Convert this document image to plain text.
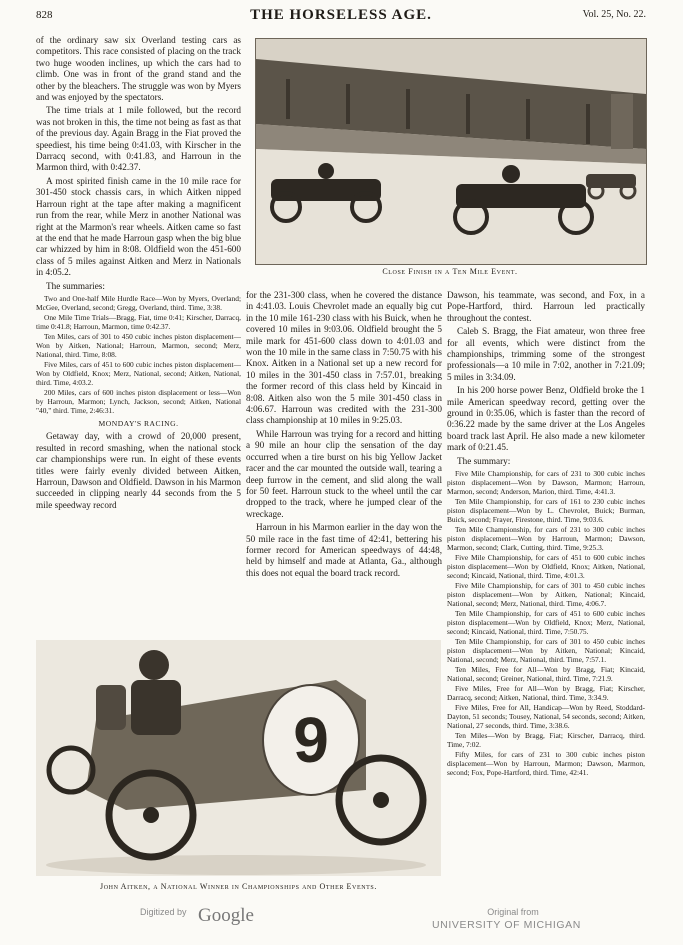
828	THE HORSELESS AGE.	Vol. 25, No. 22.

of the ordinary saw six Overland testing cars as competitors. This race consisted of placing on the track two huge wooden inclines, up which the cars had to climb. One was in front of the grand stand and the other by the bleachers. The struggle was won by Myers and was enjoyed by the spectators.

The time trials at 1 mile followed, but the record was not broken in this, the time not being as fast as that of the previous day. Again Bragg in the Fiat proved the speediest, his time being 0:41.03, with Kirscher in the Darracq second, with 0:41.83, and Harroun in the Marmon third, with 0:42.37.

A most spirited finish came in the 10 mile race for 301-450 stock chassis cars, in which Aitken nipped Harroun right at the tape after making a magnificent run from the rear, while Merz in another National was right at the Marmon's rear wheels. Aitken came so fast at the end that he made Harroun gasp when the big blue car whizzed by him in 8:08. Oldfield won the 451-600 class of 5 miles against Aitken and Merz in Nationals in 4:05.2.

The summaries:

Two and One-half Mile Hurdle Race—Won by Myers, Overland; McGee, Overland, second; Gregg, Overland, third. Time, 3:38.

One Mile Time Trials—Bragg, Fiat, time 0:41; Kirscher, Darracq, time 0:41.8; Harroun, Marmon, time 0:42.37.

Ten Miles, cars of 301 to 450 cubic inches piston displacement—Won by Aitken, National; Harroun, Marmon, second; Merz, National, third. Time, 8:08.

Five Miles, cars of 451 to 600 cubic inches piston displacement—Won by Oldfield, Knox; Merz, National, second; Aitken, National, third. Time, 4:03.2.

200 Miles, cars of 600 inches piston displacement or less—Won by Harroun, Marmon; Lynch, Jackson, second; Aitken, National "40," third. Time, 2:46:31.

MONDAY'S RACING.

Getaway day, with a crowd of 20,000 present, resulted in record smashing, when the national stock car championships were run. In eight of these events titles were fairly evenly divided between Aitken, Harroun, Dawson and Oldfield. Dawson in his Marmon succeeded in clipping nearly 44 seconds from the 5 mile speedway record

Close Finish in a Ten Mile Event.

for the 231-300 class, when he covered the distance in 4:41.03. Louis Chevrolet made an equally big cut in the 10 mile 161-230 class with his Buick, when he covered 10 miles in 9:03.06. Oldfield brought the 5 mile mark for 451-600 class down to 4:01.03 and won the 10 mile in the same class in 7:50.75 with his Knox. Aitken in a National set up a new record for 10 miles in the 301-450 class in 7:57.01, breaking the former record of this class held by Kincaid in 8:08. Aitken also won the 5 mile 301-450 class in 4:06.67. Harroun was credited with the 231-300 class championship at 10 miles in 9:25.03.

While Harroun was trying for a record and hitting a 90 mile an hour clip the sensation of the day occurred when a tire burst on his big Yellow Jacket racer and the car mounted the outside wall, tearing a deep furrow in the cement, and slid along the wall for 50 feet. Harroun stuck to the wheel until the car dropped to the track, where he jumped clear of the wreckage.

Harroun in his Marmon earlier in the day won the 50 mile race in the fast time of 42:41, bettering his former record for American speedways of 44:48, held by himself and made at Atlanta, Ga., although this does not equal the board track record.

Dawson, his teammate, was second, and Fox, in a Pope-Hartford, third. Harroun led practically throughout the contest.

Caleb S. Bragg, the Fiat amateur, won three free for all events, which were distinct from the championships, trimming some of the strongest professionals—a 10 mile in 7:02, another in 7:21.09; 5 miles in 3:34.09.

In his 200 horse power Benz, Oldfield broke the 1 mile American speedway record, getting over the ground in 0:35.06, which is faster than the record of 0:36.22 made by the same driver at the Los Angeles board track last April. He also made a new kilometer mark of 0:21.45.

The summary:

Five Mile Championship, for cars of 231 to 300 cubic inches piston displacement—Won by Dawson, Marmon; Harroun, Marmon, second; Anderson, Marion, third. Time, 4:41.3.

Ten Mile Championship, for cars of 161 to 230 cubic inches piston displacement—Won by L. Chevrolet, Buick; Burman, Buick, second; Frayer, Firestone, third. Time, 9:03.6.

Ten Mile Championship, for cars of 231 to 300 cubic inches piston displacement—Won by Harroun, Marmon; Dawson, Marmon, second; Clark, Cutting, third. Time, 9:25.3.

Five Mile Championship, for cars of 451 to 600 cubic inches piston displacement—Won by Oldfield, Knox; Aitken, National, second; Kincaid, National, third. Time, 4:01.3.

Five Mile Championship, for cars of 301 to 450 cubic inches piston displacement—Won by Aitken, National; Kincaid, National, second; Merz, National, third. Time, 4:06.7.

Ten Mile Championship, for cars of 451 to 600 cubic inches piston displacement—Won by Oldfield, Knox; Merz, National, second; Kincaid, National, third. Time, 7:50.75.

Ten Mile Championship, for cars of 301 to 450 cubic inches piston displacement—Won by Aitken, National; Kincaid, National, second; Merz, National, third. Time, 7:57.1.

Ten Miles, Free for All—Won by Bragg, Fiat; Kincaid, National, second; Greiner, National, third. Time, 7:21.9.

Five Miles, Free for All—Won by Bragg, Fiat; Kirscher, Darracq, second; Aitken, National, third. Time, 3:34.9.

Five Miles, Free for All, Handicap—Won by Reed, Stoddard-Dayton, 51 seconds; Tousey, National, 54 seconds, second; Aitken, National, 27 seconds, third. Time, 3:38.6.

Ten Miles—Won by Bragg, Fiat; Kirscher, Darracq, third. Time, 7:02.

Fifty Miles, for cars of 231 to 300 cubic inches piston displacement—Won by Harroun, Marmon; Dawson, Marmon, second; Fox, Pope-Hartford, third. Time, 42:41.

9
John Aitken, a National Winner in Championships and Other Events.
Digitized by Google	Original from
UNIVERSITY OF MICHIGAN
